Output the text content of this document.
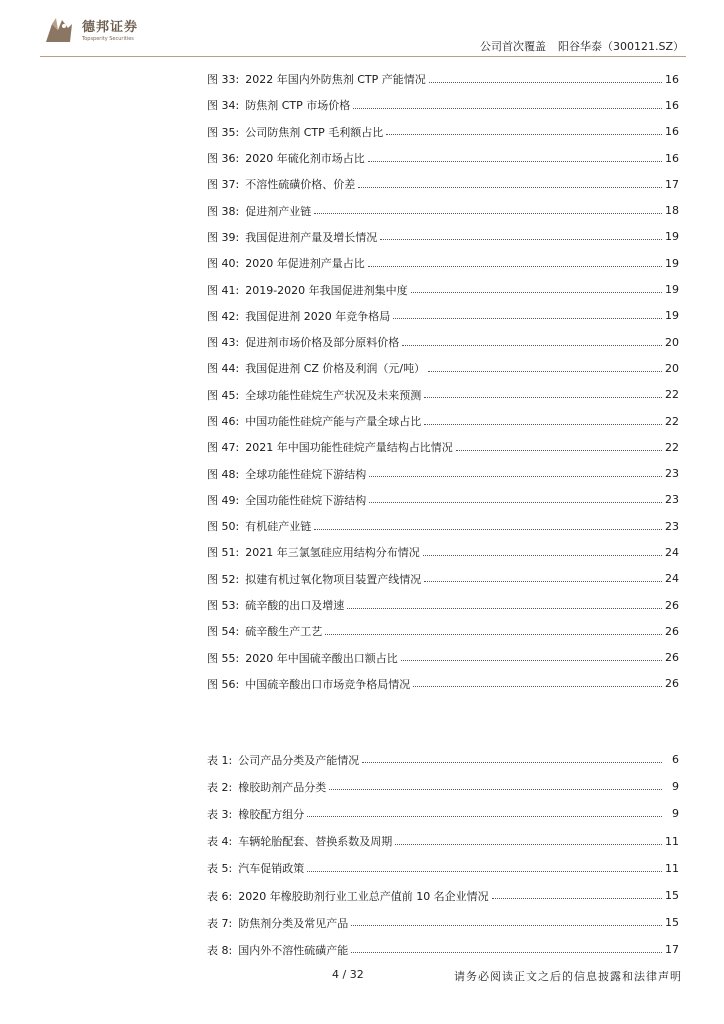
德邦证券
Topsperity Securities
公司首次覆盖 阳谷华泰（300121.SZ）
图 33: 2022 年国内外防焦剂 CTP 产能情况	16
图 34: 防焦剂 CTP 市场价格	16
图 35: 公司防焦剂 CTP 毛利额占比	16
图 36: 2020 年硫化剂市场占比	16
图 37: 不溶性硫磺价格、价差	17
图 38: 促进剂产业链	18
图 39: 我国促进剂产量及增长情况	19
图 40: 2020 年促进剂产量占比	19
图 41: 2019-2020 年我国促进剂集中度	19
图 42: 我国促进剂 2020 年竞争格局	19
图 43: 促进剂市场价格及部分原料价格	20
图 44: 我国促进剂 CZ 价格及利润（元/吨）	20
图 45: 全球功能性硅烷生产状况及未来预测	22
图 46: 中国功能性硅烷产能与产量全球占比	22
图 47: 2021 年中国功能性硅烷产量结构占比情况	22
图 48: 全球功能性硅烷下游结构	23
图 49: 全国功能性硅烷下游结构	23
图 50: 有机硅产业链	23
图 51: 2021 年三氯氢硅应用结构分布情况	24
图 52: 拟建有机过氧化物项目装置产线情况	24
图 53: 硫辛酸的出口及增速	26
图 54: 硫辛酸生产工艺	26
图 55: 2020 年中国硫辛酸出口额占比	26
图 56: 中国硫辛酸出口市场竞争格局情况	26
表 1: 公司产品分类及产能情况	6
表 2: 橡胶助剂产品分类	9
表 3: 橡胶配方组分	9
表 4: 车辆轮胎配套、替换系数及周期	11
表 5: 汽车促销政策	11
表 6: 2020 年橡胶助剂行业工业总产值前 10 名企业情况	15
表 7: 防焦剂分类及常见产品	15
表 8: 国内外不溶性硫磺产能	17
4 / 32	请务必阅读正文之后的信息披露和法律声明
